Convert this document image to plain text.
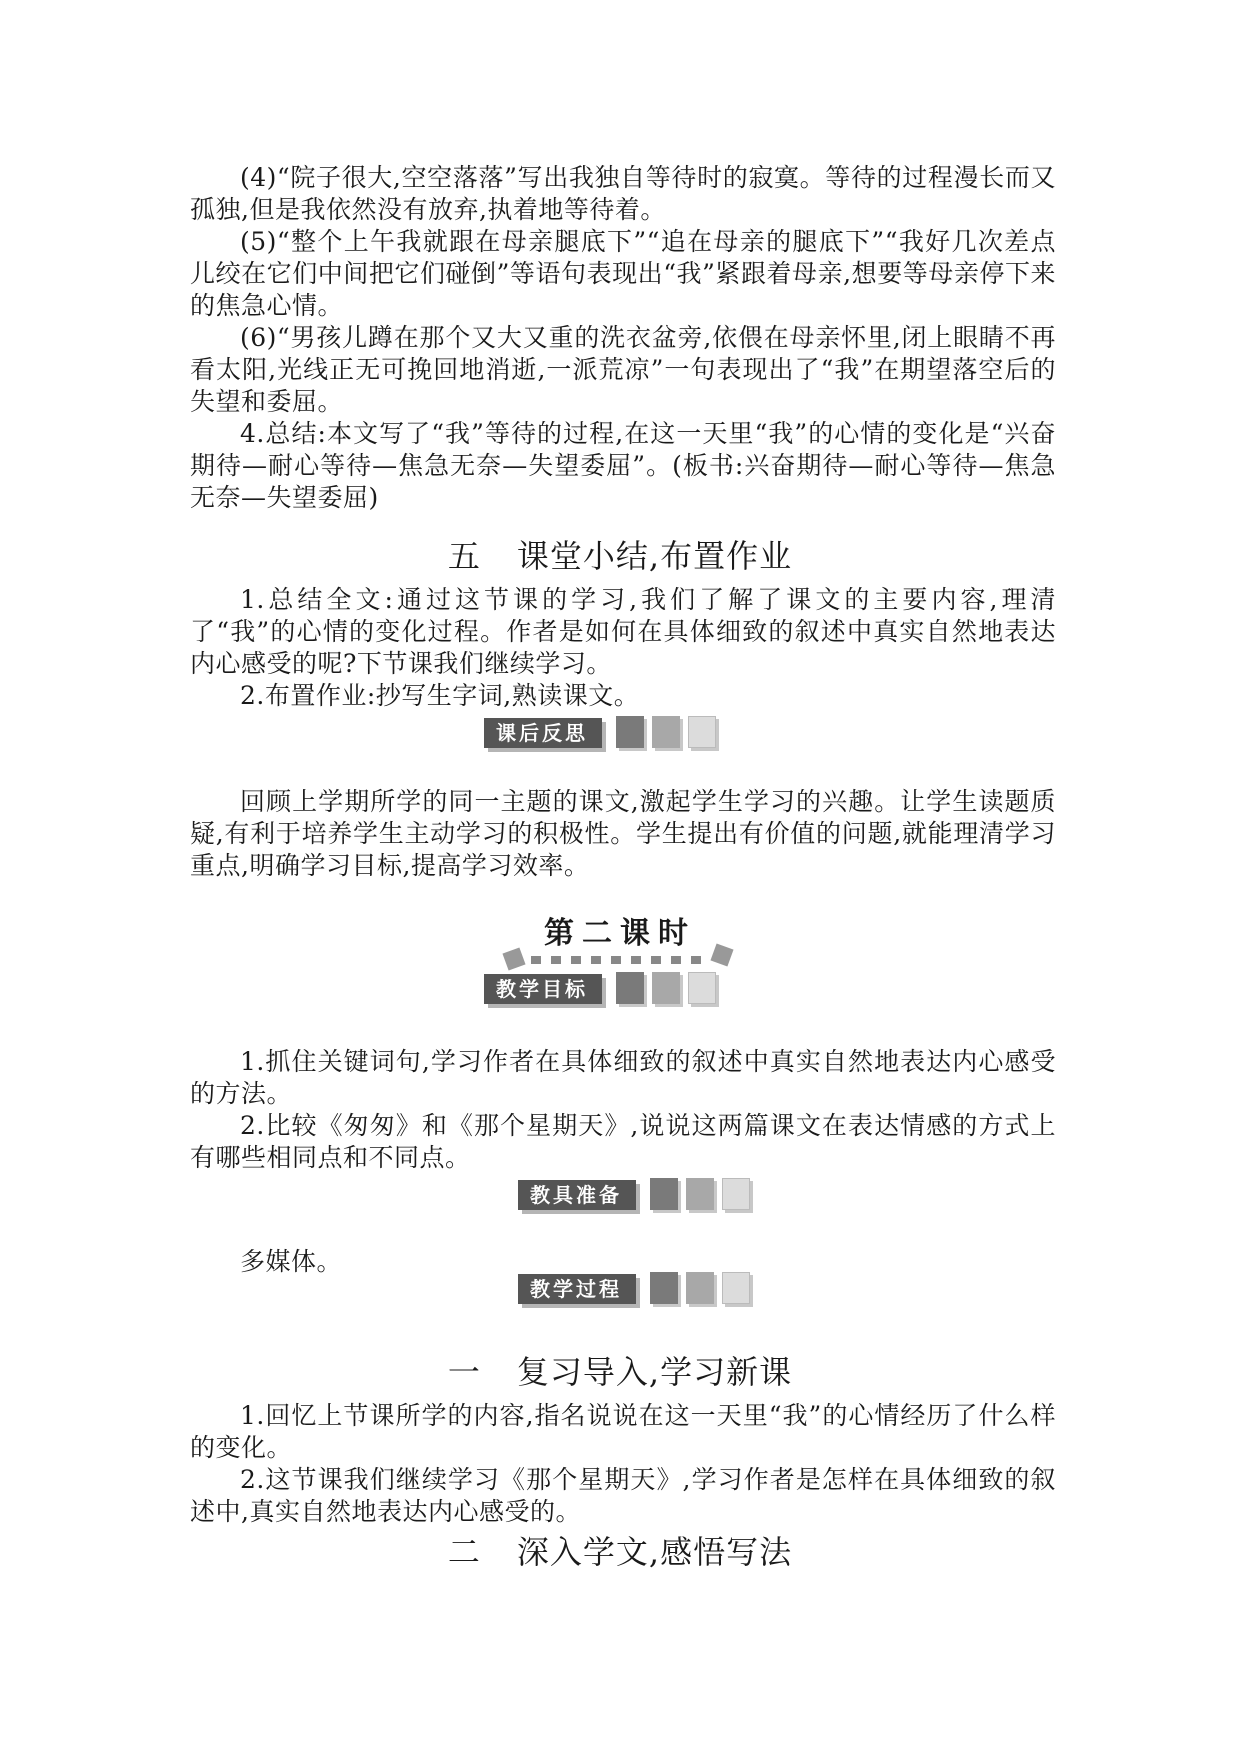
(4)“院子很大,空空落落”写出我独自等待时的寂寞。等待的过程漫长而又孤独,但是我依然没有放弃,执着地等待着。

(5)“整个上午我就跟在母亲腿底下”“追在母亲的腿底下”“我好几次差点儿绞在它们中间把它们碰倒”等语句表现出“我”紧跟着母亲,想要等母亲停下来的焦急心情。

(6)“男孩儿蹲在那个又大又重的洗衣盆旁,依偎在母亲怀里,闭上眼睛不再看太阳,光线正无可挽回地消逝,一派荒凉”一句表现出了“我”在期望落空后的失望和委屈。

4.总结:本文写了“我”等待的过程,在这一天里“我”的心情的变化是“兴奋期待—耐心等待—焦急无奈—失望委屈”。(板书:兴奋期待—耐心等待—焦急无奈—失望委屈)

五 课堂小结,布置作业

1.总结全文:通过这节课的学习,我们了解了课文的主要内容,理清了“我”的心情的变化过程。作者是如何在具体细致的叙述中真实自然地表达内心感受的呢?下节课我们继续学习。

2.布置作业:抄写生字词,熟读课文。

课后反思

回顾上学期所学的同一主题的课文,激起学生学习的兴趣。让学生读题质疑,有利于培养学生主动学习的积极性。学生提出有价值的问题,就能理清学习重点,明确学习目标,提高学习效率。

第二课时
教学目标

1.抓住关键词句,学习作者在具体细致的叙述中真实自然地表达内心感受的方法。

2.比较《匆匆》和《那个星期天》,说说这两篇课文在表达情感的方式上有哪些相同点和不同点。

教具准备

多媒体。

教学过程
一 复习导入,学习新课

1.回忆上节课所学的内容,指名说说在这一天里“我”的心情经历了什么样的变化。

2.这节课我们继续学习《那个星期天》,学习作者是怎样在具体细致的叙述中,真实自然地表达内心感受的。

二 深入学文,感悟写法
